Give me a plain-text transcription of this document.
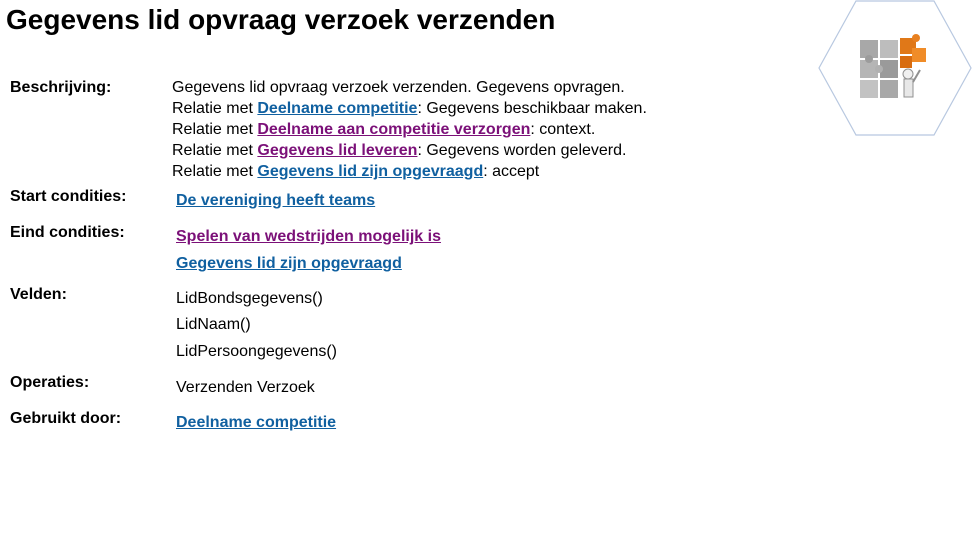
Gegevens lid opvraag verzoek verzenden
Beschrijving:	Gegevens lid opvraag verzoek verzenden. Gegevens opvragen.
Relatie met Deelname competitie: Gegevens beschikbaar maken.
Relatie met Deelname aan competitie verzorgen: context.
Relatie met Gegevens lid leveren: Gegevens worden geleverd.
Relatie met Gegevens lid zijn opgevraagd: accept
Start condities:	De vereniging heeft teams
Eind condities:	Spelen van wedstrijden mogelijk is
Gegevens lid zijn opgevraagd
Velden:	LidBondsgegevens()
LidNaam()
LidPersoongegevens()
Operaties:	Verzenden Verzoek
Gebruikt door:	Deelname competitie
